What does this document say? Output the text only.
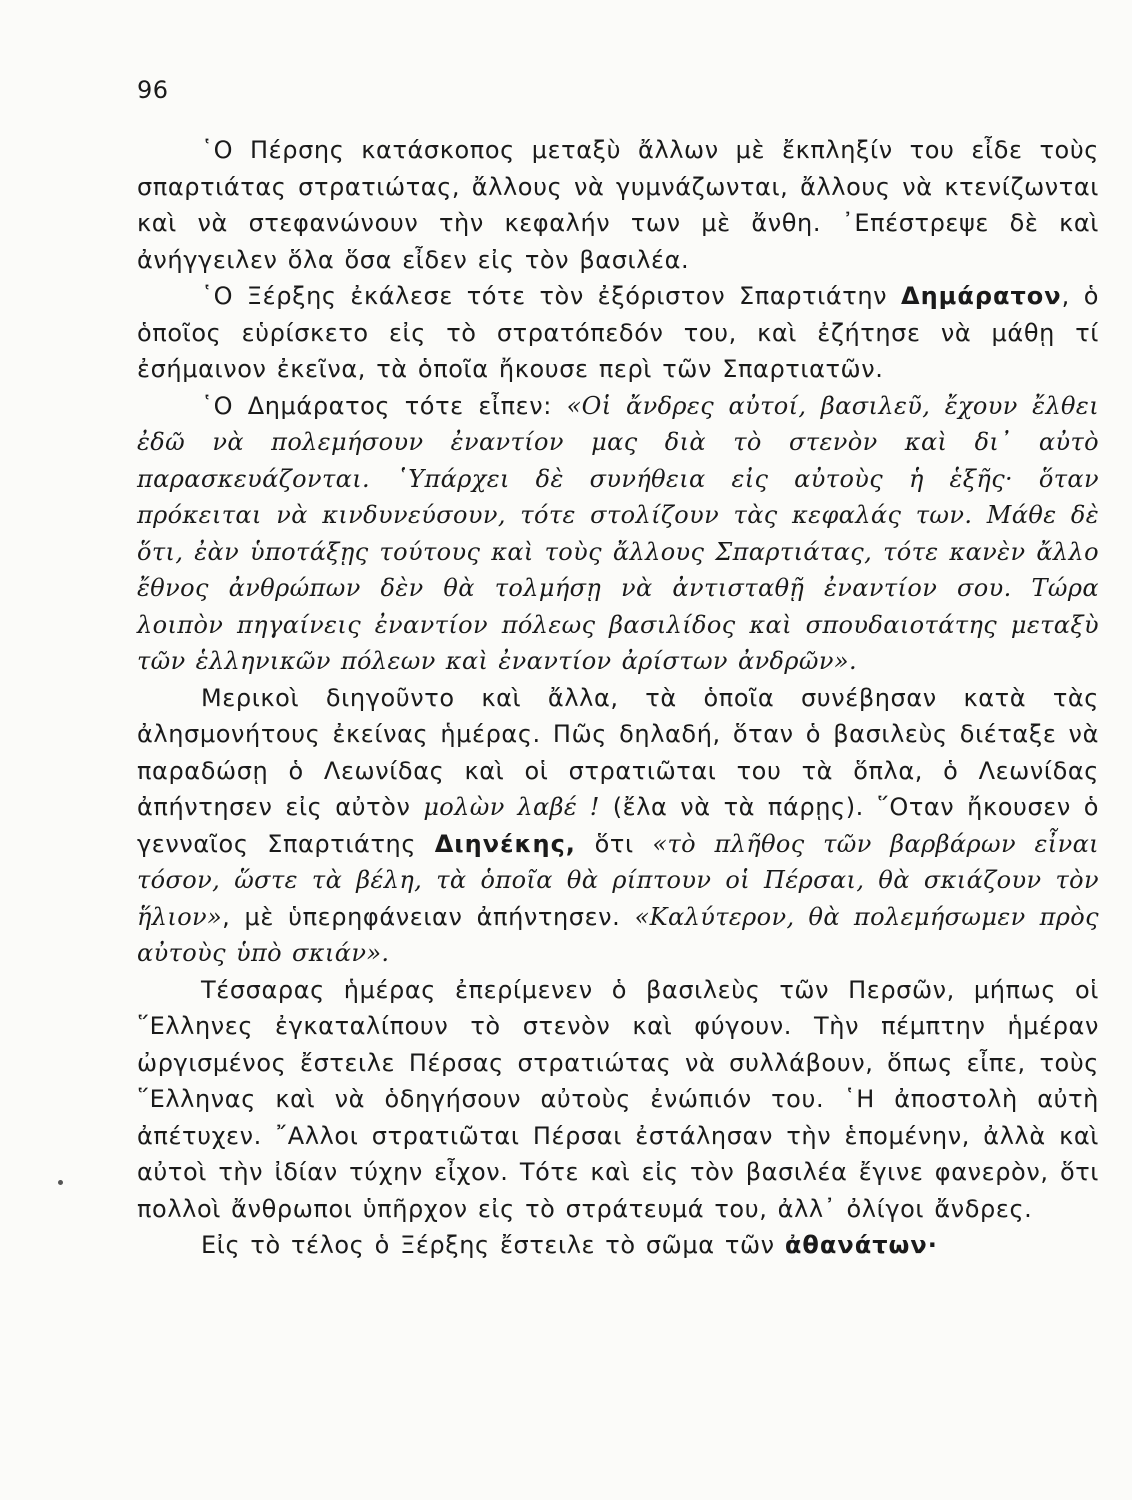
96

῾Ο Πέρσης κατάσκοπος μεταξὺ ἄλλων μὲ ἔκπληξίν του εἶδε τοὺς σπαρτιάτας στρατιώτας, ἄλλους νὰ γυμνάζωνται, ἄλλους νὰ κτενίζωνται καὶ νὰ στεφανώνουν τὴν κεφαλήν των μὲ ἄνθη. ᾿Επέστρεψε δὲ καὶ ἀνήγγειλεν ὅλα ὅσα εἶδεν εἰς τὸν βασιλέα.

῾Ο Ξέρξης ἐκάλεσε τότε τὸν ἐξόριστον Σπαρτιάτην Δημάρατον, ὁ ὁποῖος εὑρίσκετο εἰς τὸ στρατόπεδόν του, καὶ ἐζήτησε νὰ μάθῃ τί ἐσήμαινον ἐκεῖνα, τὰ ὁποῖα ἤκουσε περὶ τῶν Σπαρτιατῶν.

῾Ο Δημάρατος τότε εἶπεν: «Οἱ ἄνδρες αὐτοί, βασιλεῦ, ἔχουν ἔλθει ἐδῶ νὰ πολεμήσουν ἐναντίον μας διὰ τὸ στενὸν καὶ δι᾿ αὐτὸ παρασκευάζονται. ῾Υπάρχει δὲ συνήθεια εἰς αὐτοὺς ἡ ἑξῆς· ὅταν πρόκειται νὰ κινδυνεύσουν, τότε στολίζουν τὰς κεφαλάς των. Μάθε δὲ ὅτι, ἐὰν ὑποτάξῃς τούτους καὶ τοὺς ἄλλους Σπαρτιάτας, τότε κανὲν ἄλλο ἔθνος ἀνθρώπων δὲν θὰ τολμήσῃ νὰ ἀντισταθῇ ἐναντίον σου. Τώρα λοιπὸν πηγαίνεις ἐναντίον πόλεως βασιλίδος καὶ σπουδαιοτάτης μεταξὺ τῶν ἑλληνικῶν πόλεων καὶ ἐναντίον ἀρίστων ἀνδρῶν».

Μερικοὶ διηγοῦντο καὶ ἄλλα, τὰ ὁποῖα συνέβησαν κατὰ τὰς ἀλησμονήτους ἐκείνας ἡμέρας. Πῶς δηλαδή, ὅταν ὁ βασιλεὺς διέταξε νὰ παραδώσῃ ὁ Λεωνίδας καὶ οἱ στρατιῶται του τὰ ὅπλα, ὁ Λεωνίδας ἀπήντησεν εἰς αὐτὸν μολὼν λαβέ ! (ἔλα νὰ τὰ πάρῃς). ῞Οταν ἤκουσεν ὁ γενναῖος Σπαρτιάτης Διηνέκης, ὅτι «τὸ πλῆθος τῶν βαρβάρων εἶναι τόσον, ὥστε τὰ βέλη, τὰ ὁποῖα θὰ ρίπτουν οἱ Πέρσαι, θὰ σκιάζουν τὸν ἥλιον», μὲ ὑπερηφάνειαν ἀπήντησεν. «Καλύτερον, θὰ πολεμήσωμεν πρὸς αὐτοὺς ὑπὸ σκιάν».

Τέσσαρας ἡμέρας ἐπερίμενεν ὁ βασιλεὺς τῶν Περσῶν, μήπως οἱ ῞Ελληνες ἐγκαταλίπουν τὸ στενὸν καὶ φύγουν. Τὴν πέμπτην ἡμέραν ὠργισμένος ἔστειλε Πέρσας στρατιώτας νὰ συλλάβουν, ὅπως εἶπε, τοὺς ῞Ελληνας καὶ νὰ ὁδηγήσουν αὐτοὺς ἐνώπιόν του. ῾Η ἀποστολὴ αὐτὴ ἀπέτυχεν. ῎Αλλοι στρατιῶται Πέρσαι ἐστάλησαν τὴν ἑπομένην, ἀλλὰ καὶ αὐτοὶ τὴν ἰδίαν τύχην εἶχον. Τότε καὶ εἰς τὸν βασιλέα ἔγινε φανερὸν, ὅτι πολλοὶ ἄνθρωποι ὑπῆρχον εἰς τὸ στράτευμά του, ἀλλ᾿ ὀλίγοι ἄνδρες.

Εἰς τὸ τέλος ὁ Ξέρξης ἔστειλε τὸ σῶμα τῶν ἀθανάτων·
